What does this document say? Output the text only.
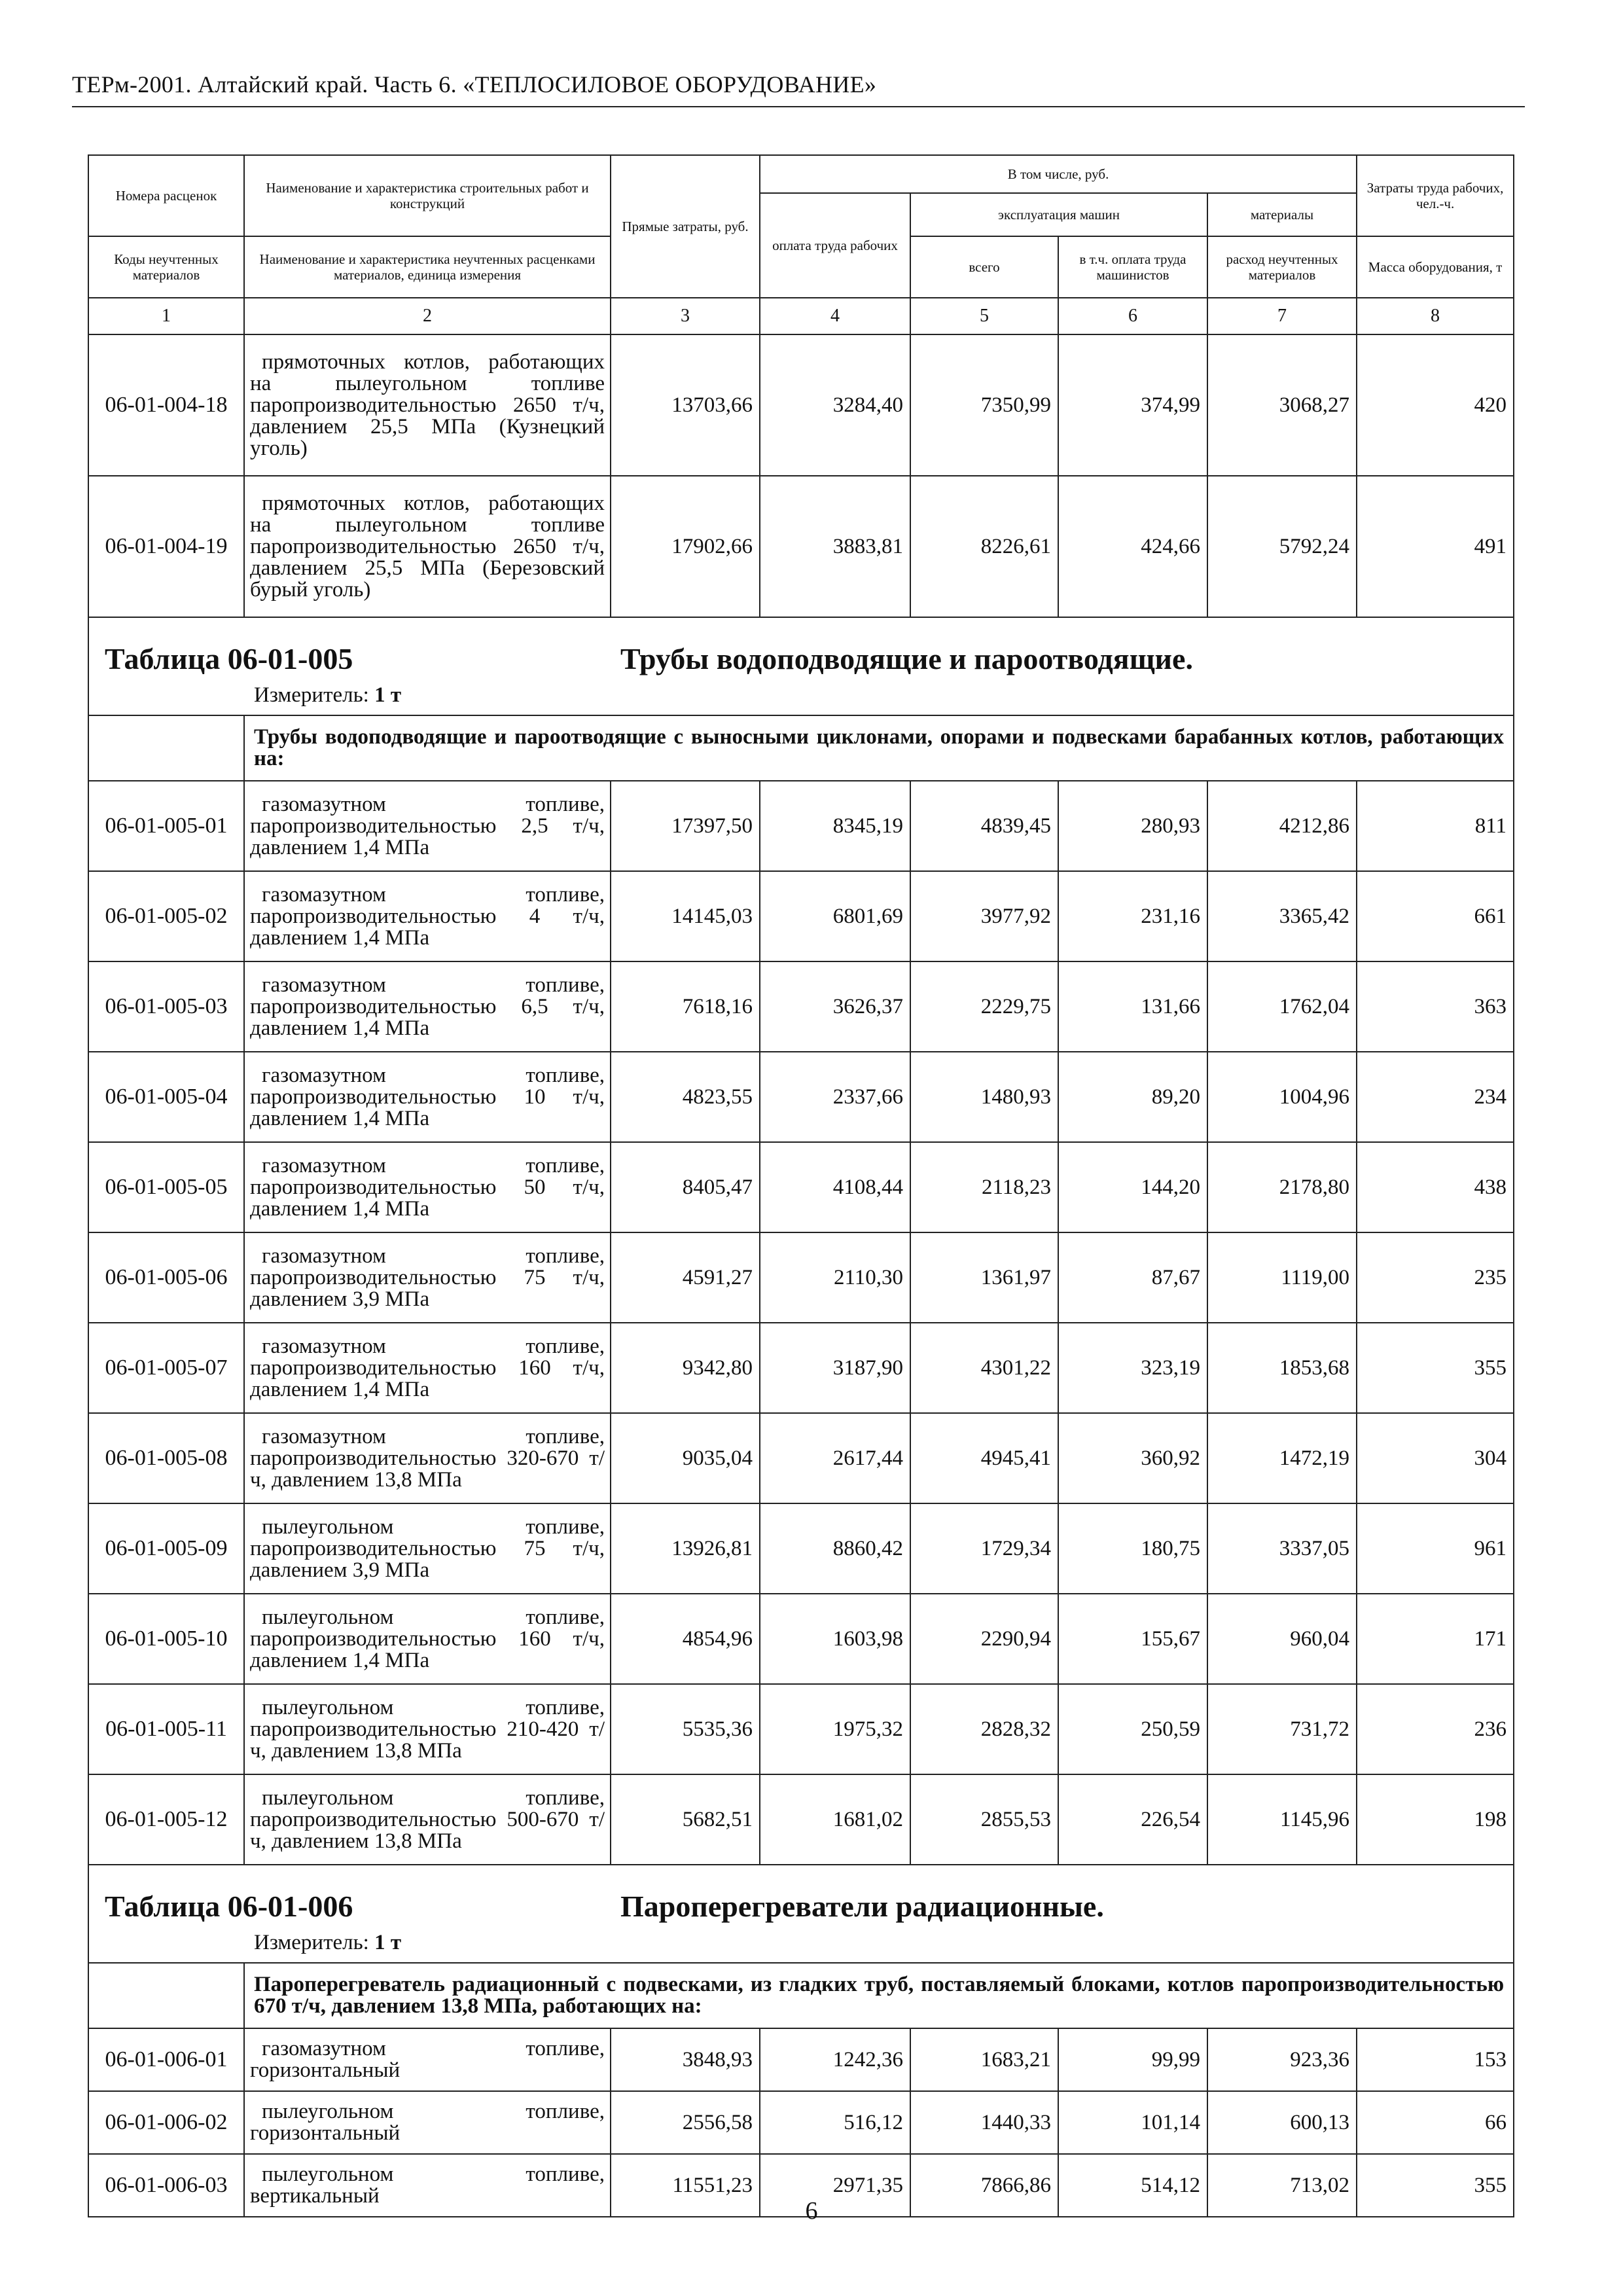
ТЕРм-2001. Алтайский край. Часть 6. «ТЕПЛОСИЛОВОЕ ОБОРУДОВАНИЕ»
Номера расценок	Наименование и характеристика строительных работ и конструкций	Прямые затраты, руб.	В том числе, руб.				Затраты труда рабочих, чел.-ч.
			оплата труда рабочих	эксплуатация машин		материалы	
Коды неучтенных материалов	Наименование и характеристика неучтенных расценками материалов, единица измерения			всего	в т.ч. оплата труда машинистов	расход неучтенных материалов	Масса оборудования, т
1	2	3	4	5	6	7	8
06-01-004-18	прямоточных котлов, работающих на пылеугольном топливе паропроизводительностью 2650 т/ч, давлением 25,5 МПа (Кузнецкий уголь)	13703,66	3284,40	7350,99	374,99	3068,27	420
06-01-004-19	прямоточных котлов, работающих на пылеугольном топливе паропроизводительностью 2650 т/ч, давлением 25,5 МПа (Березовский бурый уголь)	17902,66	3883,81	8226,61	424,66	5792,24	491

Таблица 06-01-005 Трубы водоподводящие и пароотводящие.
Измеритель: 1 т							

	Трубы водоподводящие и пароотводящие с выносными циклонами, опорами и подвесками барабанных котлов, работающих на:						
06-01-005-01	газомазутном топливе, паропроизводительностью 2,5 т/ч, давлением 1,4 МПа	17397,50	8345,19	4839,45	280,93	4212,86	811
06-01-005-02	газомазутном топливе, паропроизводительностью 4 т/ч, давлением 1,4 МПа	14145,03	6801,69	3977,92	231,16	3365,42	661
06-01-005-03	газомазутном топливе, паропроизводительностью 6,5 т/ч, давлением 1,4 МПа	7618,16	3626,37	2229,75	131,66	1762,04	363
06-01-005-04	газомазутном топливе, паропроизводительностью 10 т/ч, давлением 1,4 МПа	4823,55	2337,66	1480,93	89,20	1004,96	234
06-01-005-05	газомазутном топливе, паропроизводительностью 50 т/ч, давлением 1,4 МПа	8405,47	4108,44	2118,23	144,20	2178,80	438
06-01-005-06	газомазутном топливе, паропроизводительностью 75 т/ч, давлением 3,9 МПа	4591,27	2110,30	1361,97	87,67	1119,00	235
06-01-005-07	газомазутном топливе, паропроизводительностью 160 т/ч, давлением 1,4 МПа	9342,80	3187,90	4301,22	323,19	1853,68	355
06-01-005-08	газомазутном топливе, паропроизводительностью 320-670 т/ч, давлением 13,8 МПа	9035,04	2617,44	4945,41	360,92	1472,19	304
06-01-005-09	пылеугольном топливе, паропроизводительностью 75 т/ч, давлением 3,9 МПа	13926,81	8860,42	1729,34	180,75	3337,05	961
06-01-005-10	пылеугольном топливе, паропроизводительностью 160 т/ч, давлением 1,4 МПа	4854,96	1603,98	2290,94	155,67	960,04	171
06-01-005-11	пылеугольном топливе, паропроизводительностью 210-420 т/ч, давлением 13,8 МПа	5535,36	1975,32	2828,32	250,59	731,72	236
06-01-005-12	пылеугольном топливе, паропроизводительностью 500-670 т/ч, давлением 13,8 МПа	5682,51	1681,02	2855,53	226,54	1145,96	198

Таблица 06-01-006 Пароперегреватели радиационные.
Измеритель: 1 т							

	Пароперегреватель радиационный с подвесками, из гладких труб, поставляемый блоками, котлов паропроизводительностью 670 т/ч, давлением 13,8 МПа, работающих на:						
06-01-006-01	газомазутном топливе, горизонтальный	3848,93	1242,36	1683,21	99,99	923,36	153
06-01-006-02	пылеугольном топливе, горизонтальный	2556,58	516,12	1440,33	101,14	600,13	66
06-01-006-03	пылеугольном топливе, вертикальный	11551,23	2971,35	7866,86	514,12	713,02	355
6
